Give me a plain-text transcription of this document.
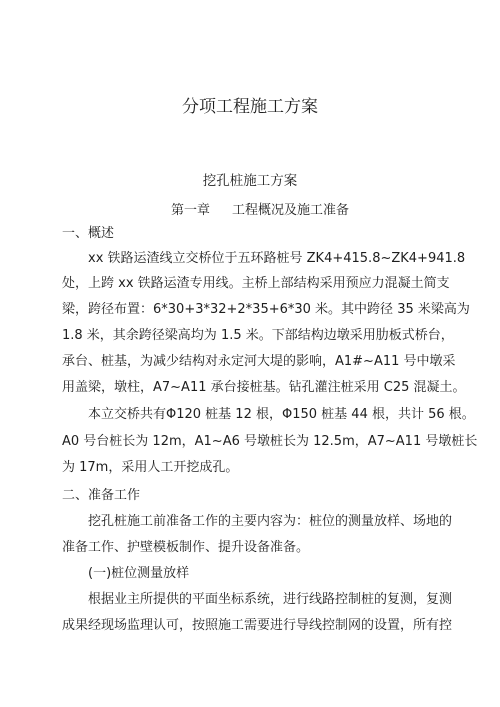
分项工程施工方案
挖孔桩施工方案
第一章 工程概况及施工准备
一、概述
xx 铁路运渣线立交桥位于五环路桩号 ZK4+415.8~ZK4+941.8
处，上跨 xx 铁路运渣专用线。主桥上部结构采用预应力混凝土简支
梁，跨径布置：6*30+3*32+2*35+6*30 米。其中跨径 35 米梁高为
1.8 米，其余跨径梁高均为 1.5 米。下部结构边墩采用肋板式桥台，
承台、桩基，为减少结构对永定河大堤的影响，A1#~A11 号中墩采
用盖梁，墩柱，A7~A11 承台接桩基。钻孔灌注桩采用 C25 混凝土。
本立交桥共有Φ120 桩基 12 根，Φ150 桩基 44 根，共计 56 根。
A0 号台桩长为 12m，A1~A6 号墩桩长为 12.5m，A7~A11 号墩桩长
为 17m，采用人工开挖成孔。
二、准备工作
挖孔桩施工前准备工作的主要内容为：桩位的测量放样、场地的
准备工作、护壁模板制作、提升设备准备。
(一)桩位测量放样
根据业主所提供的平面坐标系统，进行线路控制桩的复测，复测
成果经现场监理认可，按照施工需要进行导线控制网的设置，所有控
